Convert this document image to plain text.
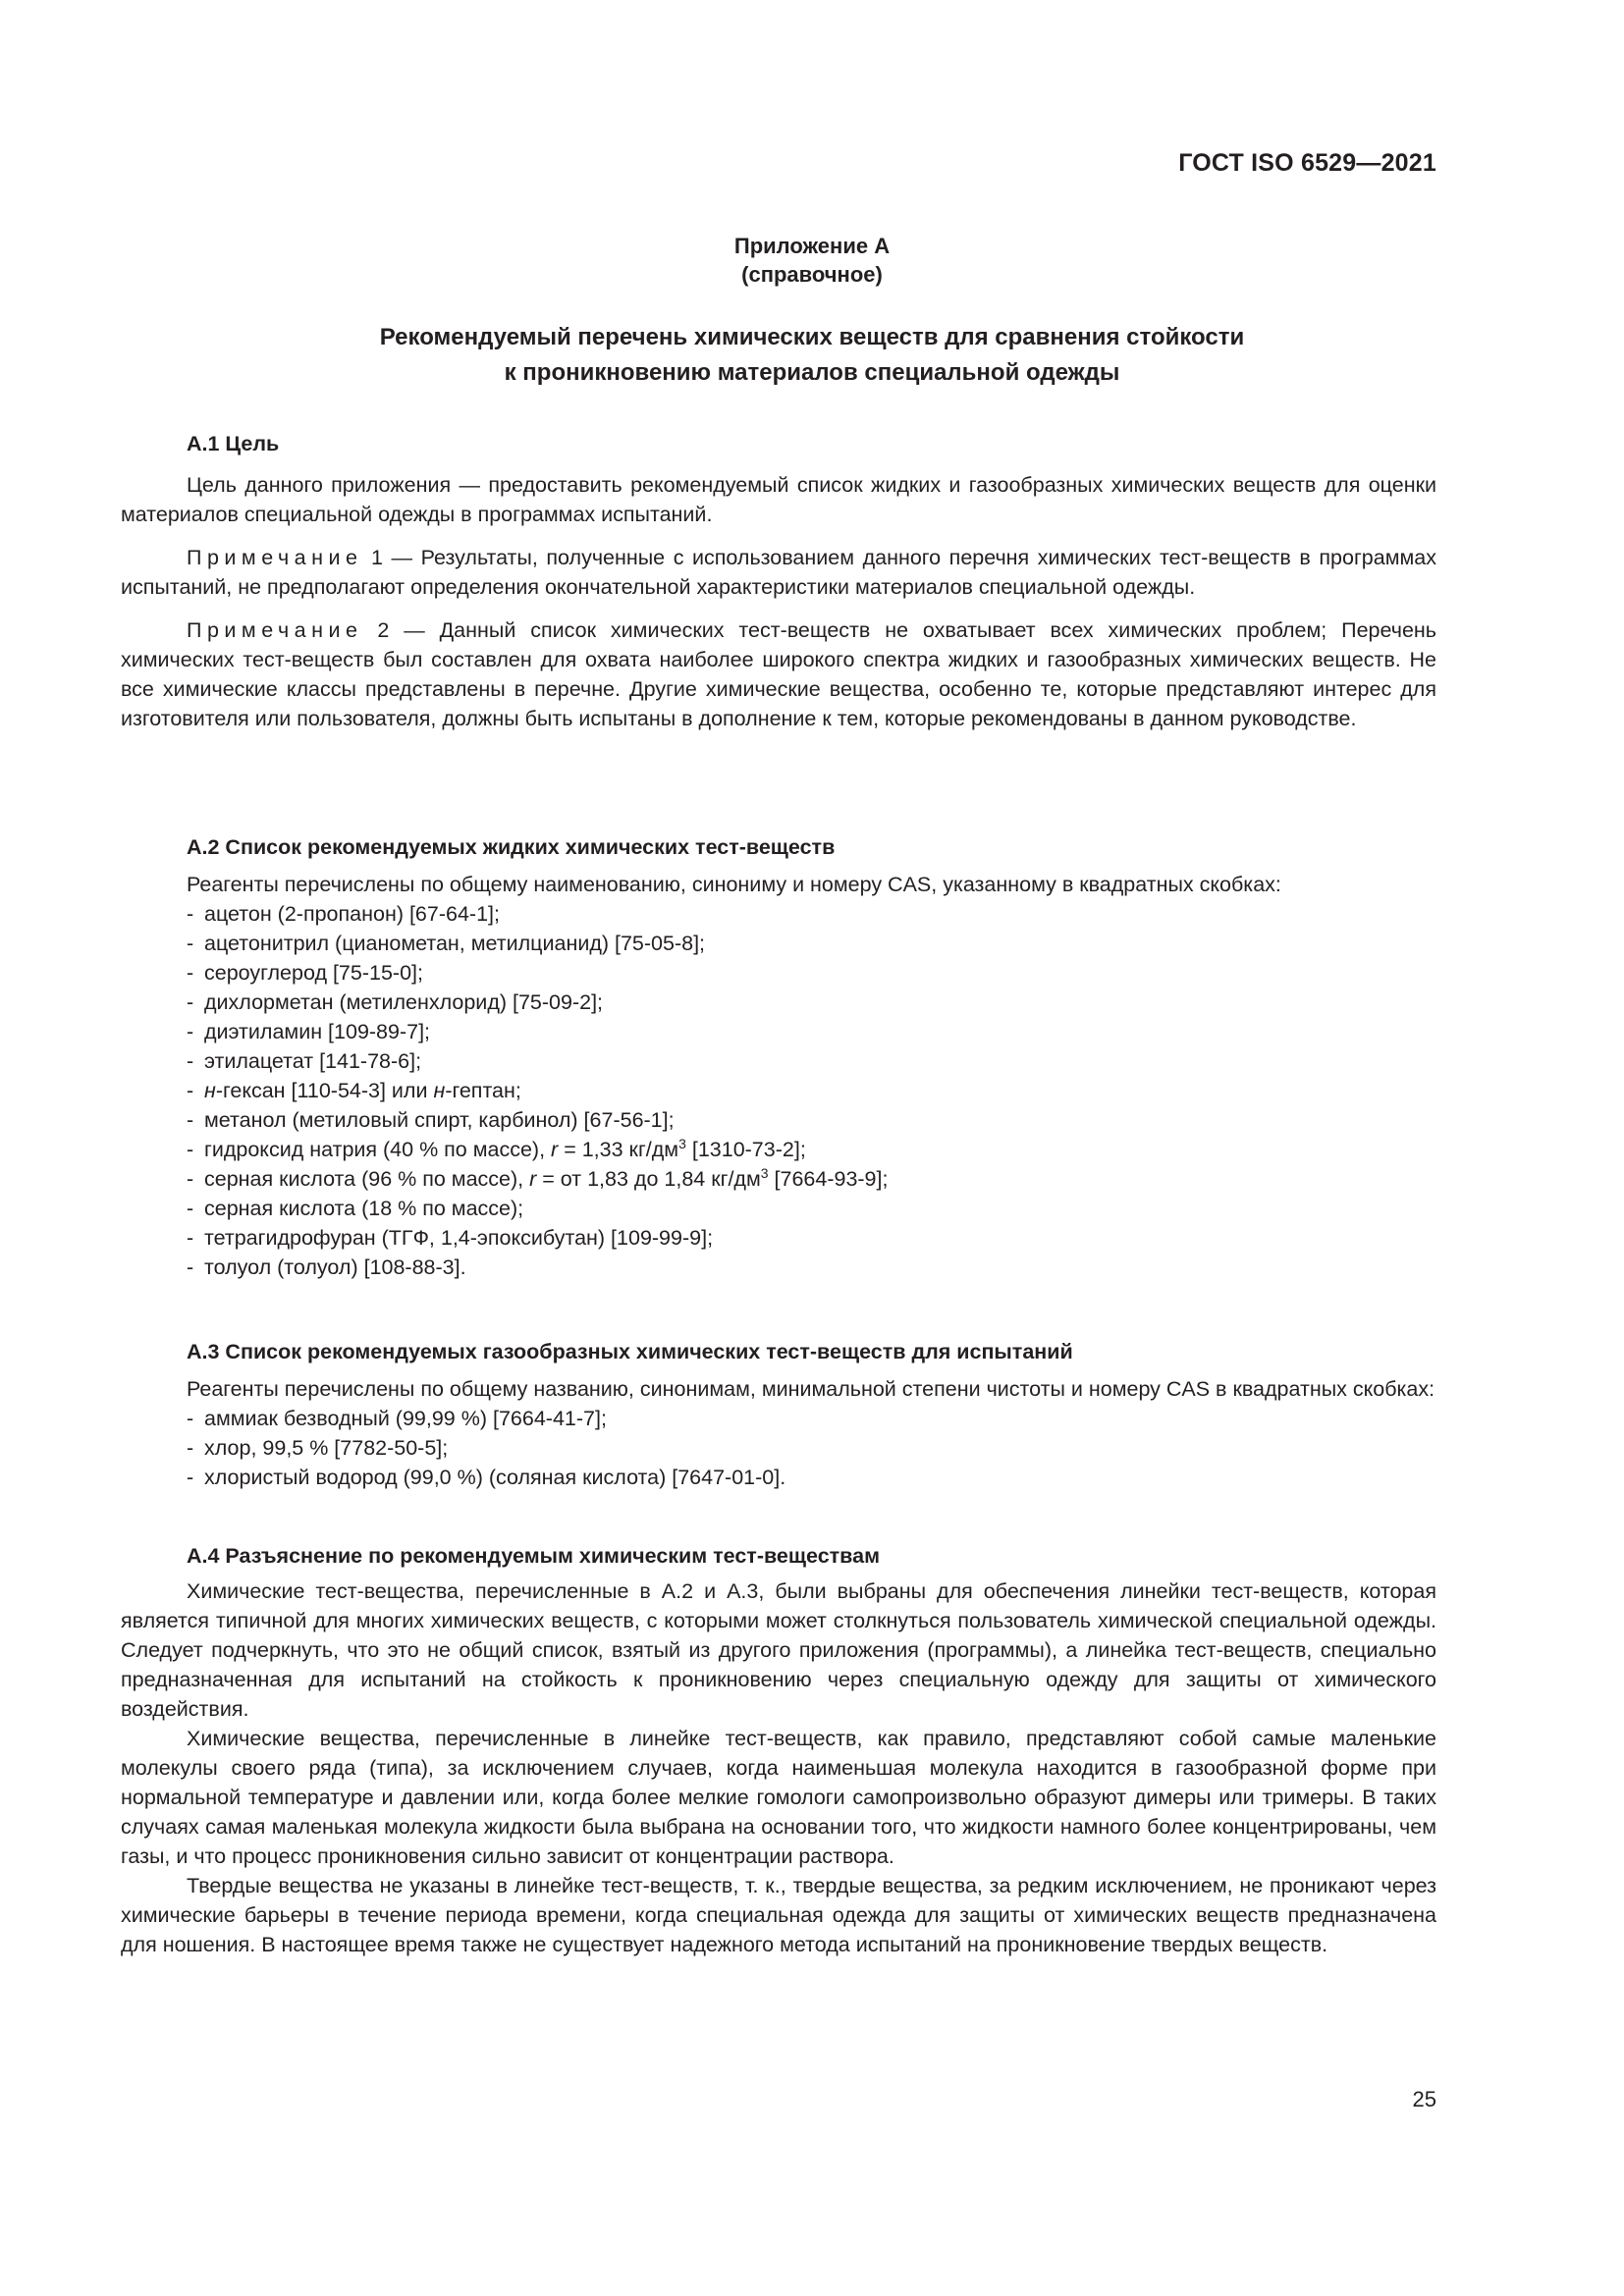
ГОСТ ISO 6529—2021
Приложение А
(справочное)
Рекомендуемый перечень химических веществ для сравнения стойкости
к проникновению материалов специальной одежды
А.1 Цель

Цель данного приложения — предоставить рекомендуемый список жидких и газообразных химических веществ для оценки материалов специальной одежды в программах испытаний.

Примечание 1 — Результаты, полученные с использованием данного перечня химических тест-веществ в программах испытаний, не предполагают определения окончательной характеристики материалов специальной одежды.

Примечание 2 — Данный список химических тест-веществ не охватывает всех химических проблем; Перечень химических тест-веществ был составлен для охвата наиболее широкого спектра жидких и газообразных химических веществ. Не все химические классы представлены в перечне. Другие химические вещества, особенно те, которые представляют интерес для изготовителя или пользователя, должны быть испытаны в дополнение к тем, которые рекомендованы в данном руководстве.

А.2 Список рекомендуемых жидких химических тест-веществ

Реагенты перечислены по общему наименованию, синониму и номеру CAS, указанному в квадратных скобках:

- ацетон (2-пропанон) [67-64-1];
- ацетонитрил (цианометан, метилцианид) [75-05-8];
- сероуглерод [75-15-0];
- дихлорметан (метиленхлорид) [75-09-2];
- диэтиламин [109-89-7];
- этилацетат [141-78-6];
- н-гексан [110-54-3] или н-гептан;
- метанол (метиловый спирт, карбинол) [67-56-1];
- гидроксид натрия (40 % по массе), r = 1,33 $кг/дм^3$ [1310-73-2];
- серная кислота (96 % по массе), r = от 1,83 до 1,84 $кг/дм^3$ [7664-93-9];
- серная кислота (18 % по массе);
- тетрагидрофуран (ТГФ, 1,4-эпоксибутан) [109-99-9];
- толуол (толуол) [108-88-3].
А.3 Список рекомендуемых газообразных химических тест-веществ для испытаний

Реагенты перечислены по общему названию, синонимам, минимальной степени чистоты и номеру CAS в квадратных скобках:

- аммиак безводный (99,99 %) [7664-41-7];
- хлор, 99,5 % [7782-50-5];
- хлористый водород (99,0 %) (соляная кислота) [7647-01-0].
А.4 Разъяснение по рекомендуемым химическим тест-веществам

Химические тест-вещества, перечисленные в А.2 и А.3, были выбраны для обеспечения линейки тест-веществ, которая является типичной для многих химических веществ, с которыми может столкнуться пользователь химической специальной одежды. Следует подчеркнуть, что это не общий список, взятый из другого приложения (программы), а линейка тест-веществ, специально предназначенная для испытаний на стойкость к проникновению через специальную одежду для защиты от химического воздействия.

Химические вещества, перечисленные в линейке тест-веществ, как правило, представляют собой самые маленькие молекулы своего ряда (типа), за исключением случаев, когда наименьшая молекула находится в газообразной форме при нормальной температуре и давлении или, когда более мелкие гомологи самопроизвольно образуют димеры или тримеры. В таких случаях самая маленькая молекула жидкости была выбрана на основании того, что жидкости намного более концентрированы, чем газы, и что процесс проникновения сильно зависит от концентрации раствора.

Твердые вещества не указаны в линейке тест-веществ, т. к., твердые вещества, за редким исключением, не проникают через химические барьеры в течение периода времени, когда специальная одежда для защиты от химических веществ предназначена для ношения. В настоящее время также не существует надежного метода испытаний на проникновение твердых веществ.

25
